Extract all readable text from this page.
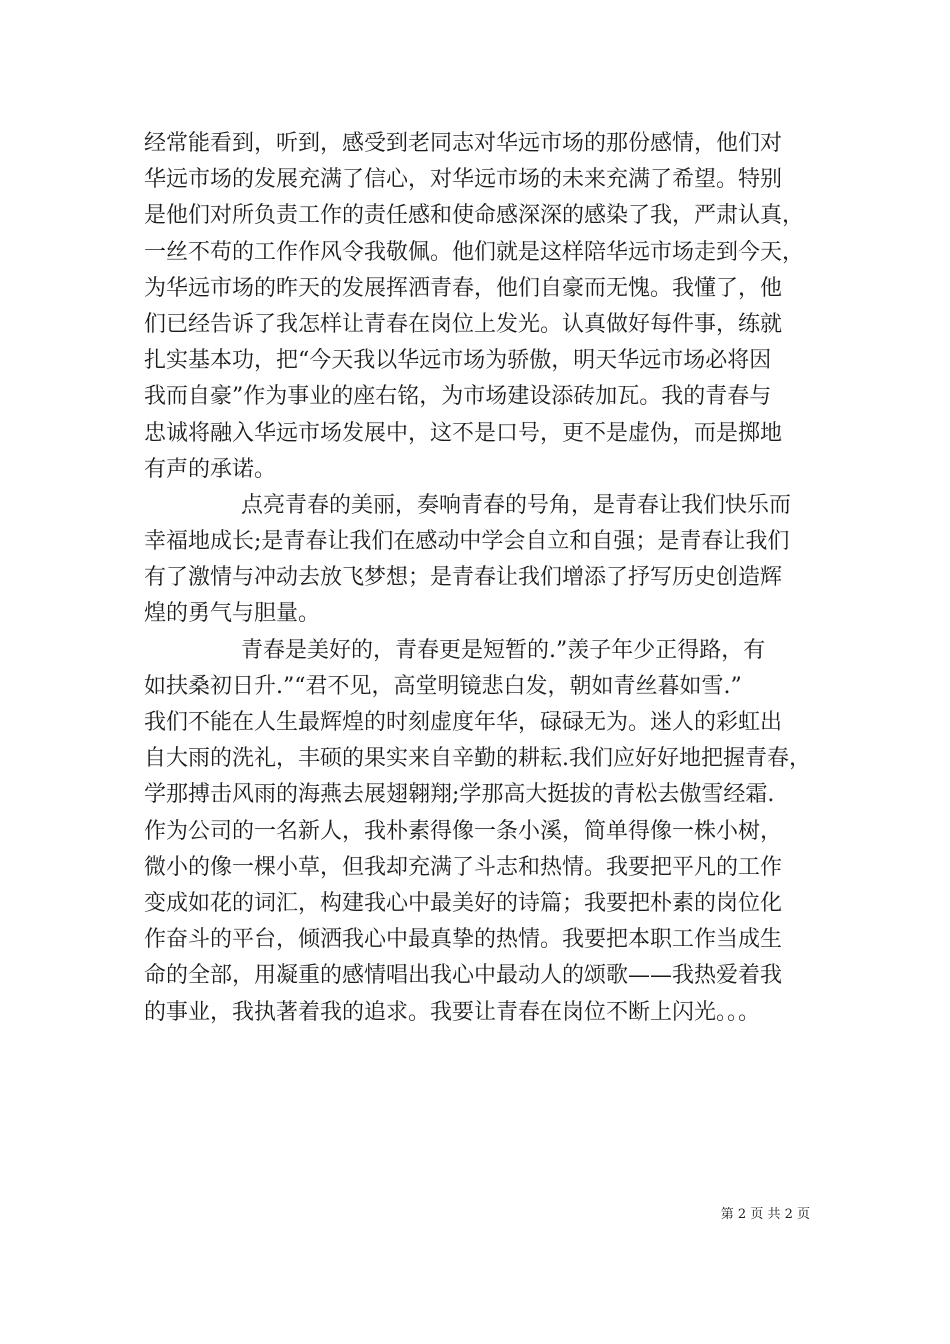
经常能看到，听到，感受到老同志对华远市场的那份感情，他们对
华远市场的发展充满了信心，对华远市场的未来充满了希望。特别
是他们对所负责工作的责任感和使命感深深的感染了我，严肃认真，
一丝不苟的工作作风令我敬佩。他们就是这样陪华远市场走到今天，
为华远市场的昨天的发展挥洒青春，他们自豪而无愧。我懂了，他
们已经告诉了我怎样让青春在岗位上发光。认真做好每件事，练就
扎实基本功，把“今天我以华远市场为骄傲，明天华远市场必将因
我而自豪”作为事业的座右铭，为市场建设添砖加瓦。我的青春与
忠诚将融入华远市场发展中，这不是口号，更不是虚伪，而是掷地
有声的承诺。
点亮青春的美丽，奏响青春的号角，是青春让我们快乐而
幸福地成长;是青春让我们在感动中学会自立和自强；是青春让我们
有了激情与冲动去放飞梦想；是青春让我们增添了抒写历史创造辉
煌的勇气与胆量。
青春是美好的，青春更是短暂的.”羡子年少正得路，有
如扶桑初日升.”“君不见，高堂明镜悲白发，朝如青丝暮如雪.”
我们不能在人生最辉煌的时刻虚度年华，碌碌无为。迷人的彩虹出
自大雨的洗礼，丰硕的果实来自辛勤的耕耘.我们应好好地把握青春，
学那搏击风雨的海燕去展翅翱翔;学那高大挺拔的青松去傲雪经霜.
作为公司的一名新人，我朴素得像一条小溪，简单得像一株小树，
微小的像一棵小草，但我却充满了斗志和热情。我要把平凡的工作
变成如花的词汇，构建我心中最美好的诗篇；我要把朴素的岗位化
作奋斗的平台，倾洒我心中最真挚的热情。我要把本职工作当成生
命的全部，用凝重的感情唱出我心中最动人的颂歌——我热爱着我
的事业，我执著着我的追求。我要让青春在岗位不断上闪光。。。
第 2 页 共 2 页
